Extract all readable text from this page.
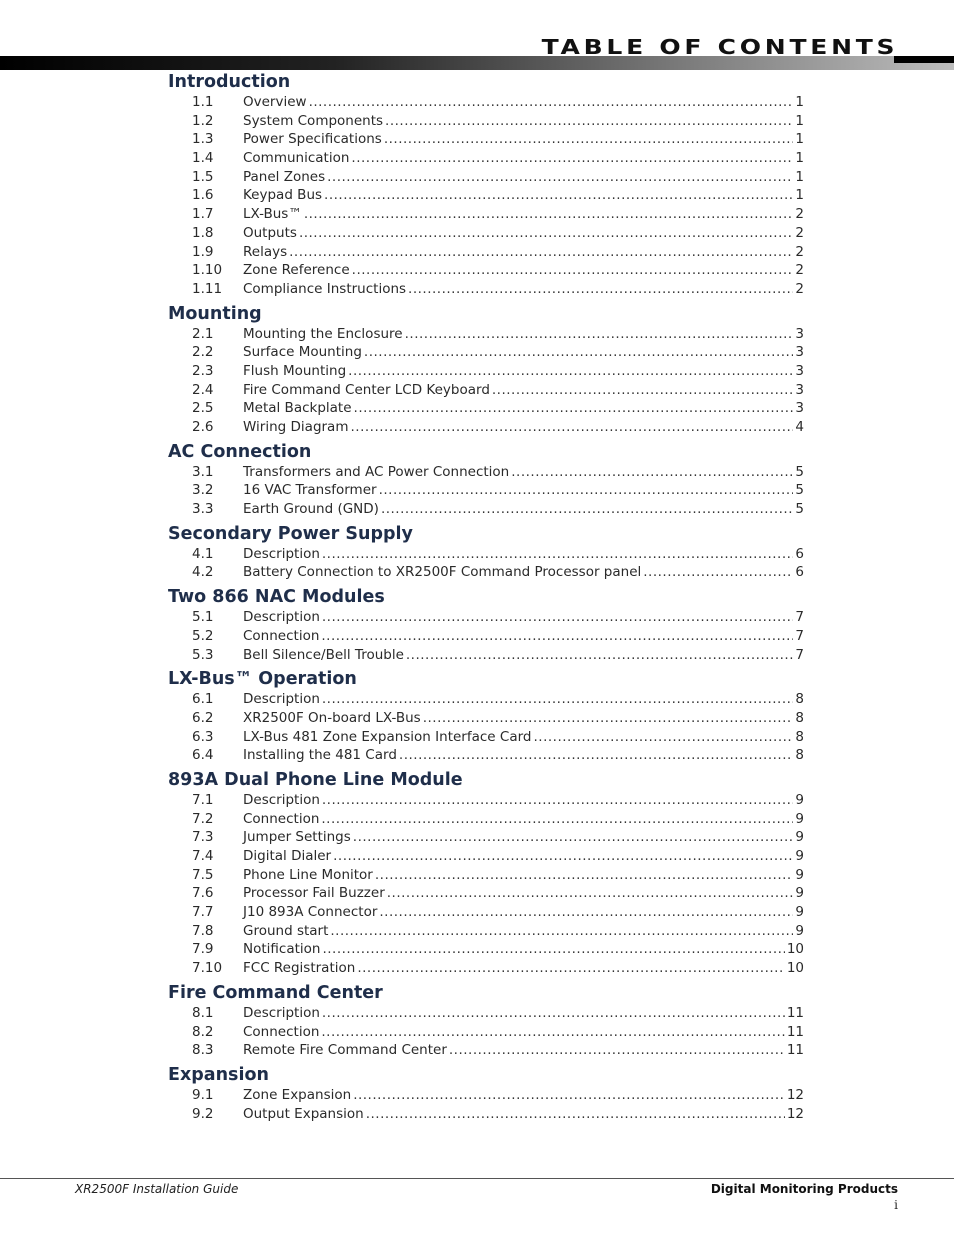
TABLE OF CONTENTS
Introduction
1.1	Overview .....	1
1.2	System Components .....	1
1.3	Power Specifications .....	1
1.4	Communication .....	1
1.5	Panel Zones .....	1
1.6	Keypad Bus .....	1
1.7	LX-Bus™ .....	2
1.8	Outputs .....	2
1.9	Relays .....	2
1.10	Zone Reference .....	2
1.11	Compliance Instructions .....	2
Mounting
2.1	Mounting the Enclosure .....	3
2.2	Surface Mounting .....	3
2.3	Flush Mounting .....	3
2.4	Fire Command Center LCD Keyboard .....	3
2.5	Metal Backplate .....	3
2.6	Wiring Diagram .....	4
AC Connection
3.1	Transformers and AC Power Connection .....	5
3.2	16 VAC Transformer .....	5
3.3	Earth Ground (GND) .....	5
Secondary Power Supply
4.1	Description .....	6
4.2	Battery Connection to XR2500F Command Processor panel .....	6
Two 866 NAC Modules
5.1	Description .....	7
5.2	Connection .....	7
5.3	Bell Silence/Bell Trouble .....	7
LX-Bus™ Operation
6.1	Description .....	8
6.2	XR2500F On-board LX-Bus .....	8
6.3	LX-Bus 481 Zone Expansion Interface Card .....	8
6.4	Installing the 481 Card .....	8
893A Dual Phone Line Module
7.1	Description .....	9
7.2	Connection .....	9
7.3	Jumper Settings .....	9
7.4	Digital Dialer .....	9
7.5	Phone Line Monitor .....	9
7.6	Processor Fail Buzzer .....	9
7.7	J10 893A Connector .....	9
7.8	Ground start .....	9
7.9	Notification .....	10
7.10	FCC Registration .....	10
Fire Command Center
8.1	Description .....	11
8.2	Connection .....	11
8.3	Remote Fire Command Center .....	11
Expansion
9.1	Zone Expansion .....	12
9.2	Output Expansion .....	12
XR2500F Installation Guide	Digital Monitoring Products
i
